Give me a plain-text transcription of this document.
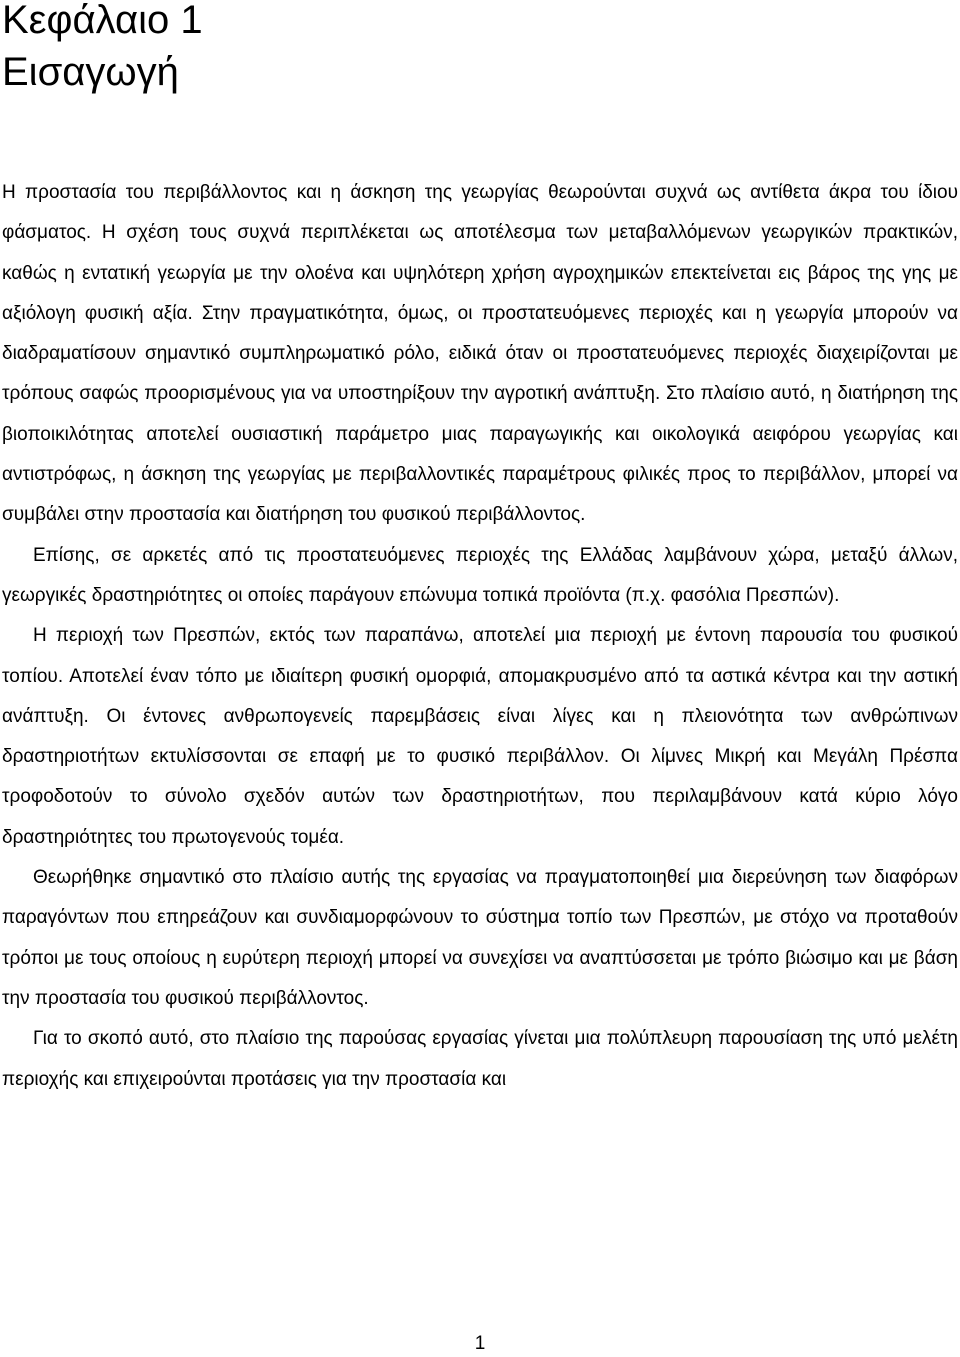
Κεφάλαιο 1
Εισαγωγή

Η προστασία του περιβάλλοντος και η άσκηση της γεωργίας θεωρούνται συχνά ως αντίθετα άκρα του ίδιου φάσματος. Η σχέση τους συχνά περιπλέκεται ως αποτέλεσμα των μεταβαλλόμενων γεωργικών πρακτικών, καθώς η εντατική γεωργία με την ολοένα και υψηλότερη χρήση αγροχημικών επεκτείνεται εις βάρος της γης με αξιόλογη φυσική αξία. Στην πραγματικότητα, όμως, οι προστατευόμενες περιοχές και η γεωργία μπορούν να διαδραματίσουν σημαντικό συμπληρωματικό ρόλο, ειδικά όταν οι προστατευόμενες περιοχές διαχειρίζονται με τρόπους σαφώς προορισμένους για να υποστηρίξουν την αγροτική ανάπτυξη. Στο πλαίσιο αυτό, η διατήρηση της βιοποικιλότητας αποτελεί ουσιαστική παράμετρο μιας παραγωγικής και οικολογικά αειφόρου γεωργίας και αντιστρόφως, η άσκηση της γεωργίας με περιβαλλοντικές παραμέτρους φιλικές προς το περιβάλλον, μπορεί να συμβάλει στην προστασία και διατήρηση του φυσικού περιβάλλοντος.

Επίσης, σε αρκετές από τις προστατευόμενες περιοχές της Ελλάδας λαμβάνουν χώρα, μεταξύ άλλων, γεωργικές δραστηριότητες οι οποίες παράγουν επώνυμα τοπικά προϊόντα (π.χ. φασόλια Πρεσπών).

Η περιοχή των Πρεσπών, εκτός των παραπάνω, αποτελεί μια περιοχή με έντονη παρουσία του φυσικού τοπίου. Αποτελεί έναν τόπο με ιδιαίτερη φυσική ομορφιά, απομακρυσμένο από τα αστικά κέντρα και την αστική ανάπτυξη. Οι έντονες ανθρωπογενείς παρεμβάσεις είναι λίγες και η πλειονότητα των ανθρώπινων δραστηριοτήτων εκτυλίσσονται σε επαφή με το φυσικό περιβάλλον. Οι λίμνες Μικρή και Μεγάλη Πρέσπα τροφοδοτούν το σύνολο σχεδόν αυτών των δραστηριοτήτων, που περιλαμβάνουν κατά κύριο λόγο δραστηριότητες του πρωτογενούς τομέα.

Θεωρήθηκε σημαντικό στο πλαίσιο αυτής της εργασίας να πραγματοποιηθεί μια διερεύνηση των διαφόρων παραγόντων που επηρεάζουν και συνδιαμορφώνουν το σύστημα τοπίο των Πρεσπών, με στόχο να προταθούν τρόποι με τους οποίους η ευρύτερη περιοχή μπορεί να συνεχίσει να αναπτύσσεται με τρόπο βιώσιμο και με βάση την προστασία του φυσικού περιβάλλοντος.

Για το σκοπό αυτό, στο πλαίσιο της παρούσας εργασίας γίνεται μια πολύπλευρη παρουσίαση της υπό μελέτη περιοχής και επιχειρούνται προτάσεις για την προστασία και

1
